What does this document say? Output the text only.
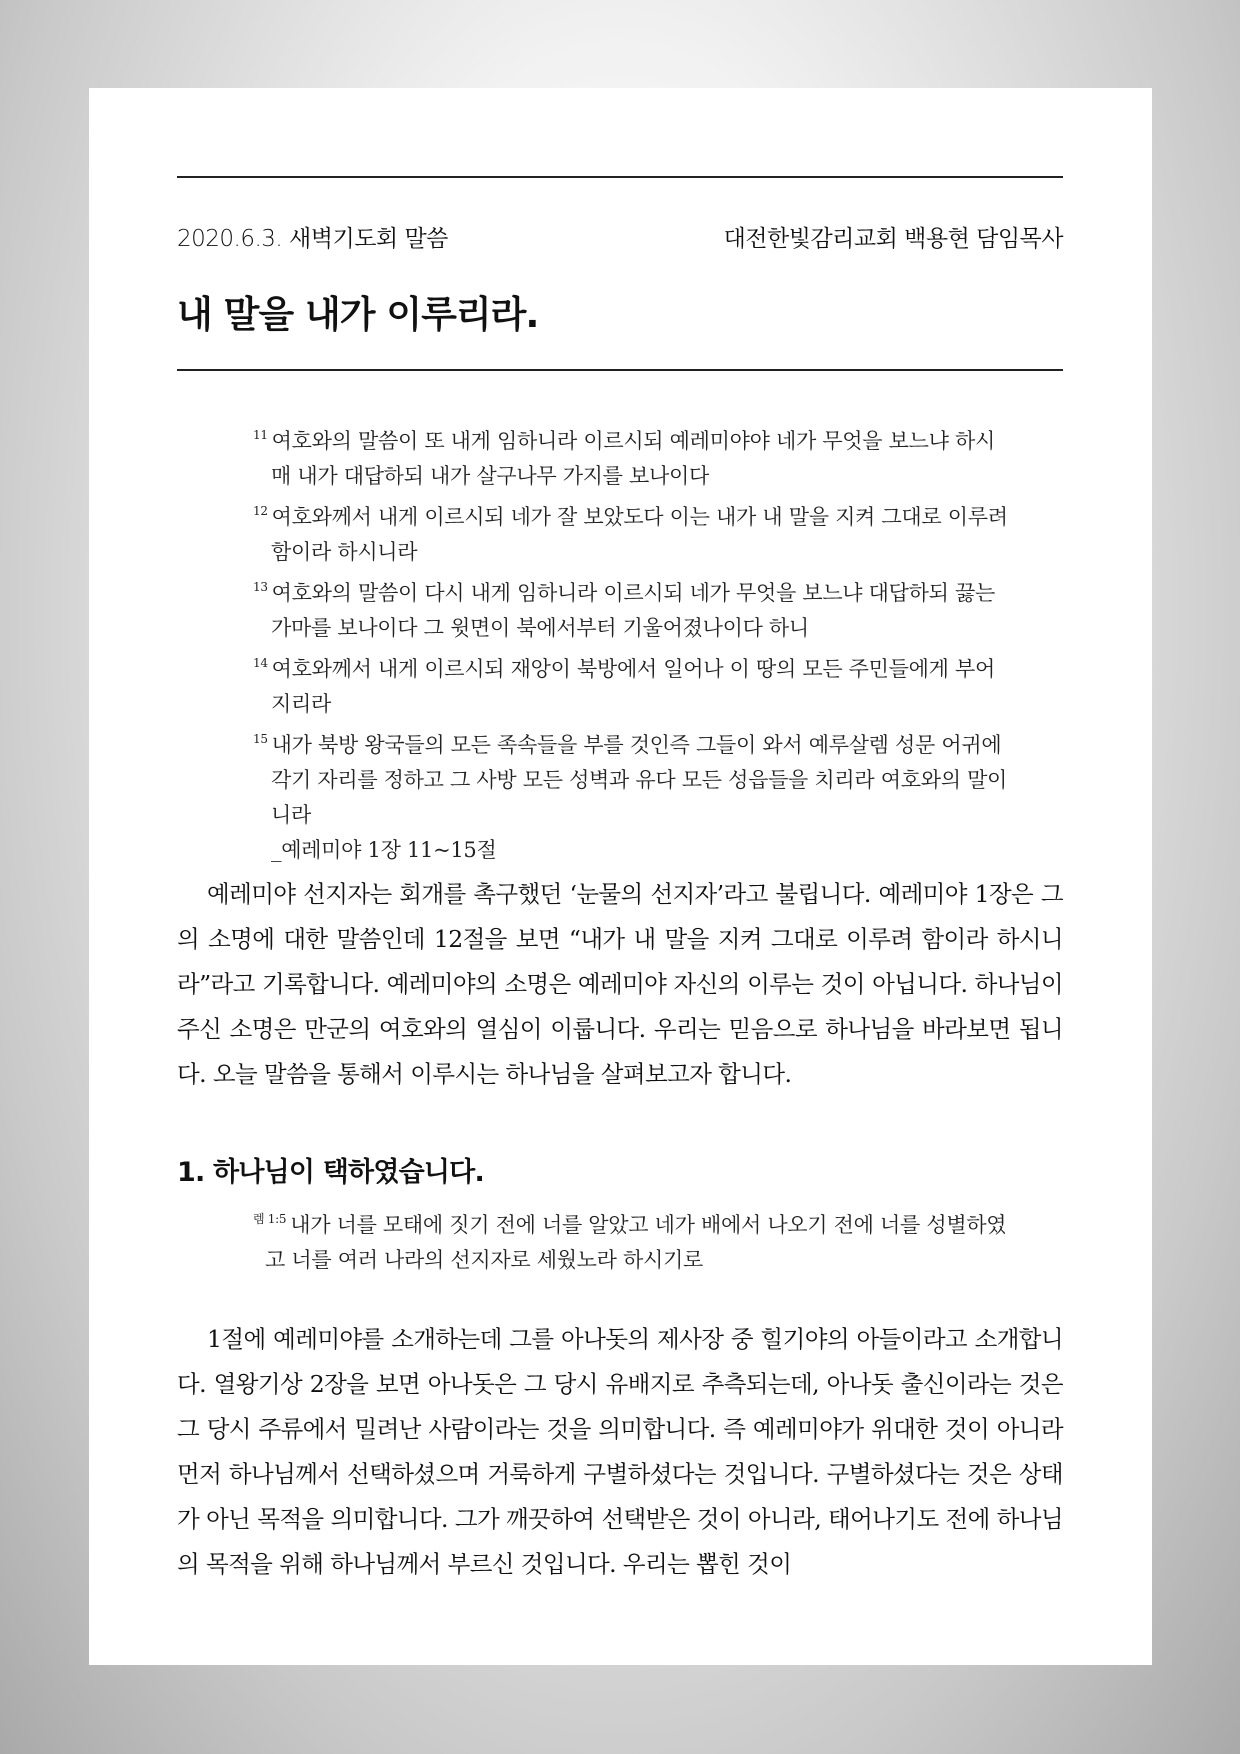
2020.6.3. 새벽기도회 말씀	대전한빛감리교회 백용현 담임목사
내 말을 내가 이루리라.

$^{11}$ 여호와의 말씀이 또 내게 임하니라 이르시되 예레미야야 네가 무엇을 보느냐 하시매 내가 대답하되 내가 살구나무 가지를 보나이다

$^{12}$ 여호와께서 내게 이르시되 네가 잘 보았도다 이는 내가 내 말을 지켜 그대로 이루려 함이라 하시니라

$^{13}$ 여호와의 말씀이 다시 내게 임하니라 이르시되 네가 무엇을 보느냐 대답하되 끓는 가마를 보나이다 그 윗면이 북에서부터 기울어졌나이다 하니

$^{14}$ 여호와께서 내게 이르시되 재앙이 북방에서 일어나 이 땅의 모든 주민들에게 부어지리라

$^{15}$ 내가 북방 왕국들의 모든 족속들을 부를 것인즉 그들이 와서 예루살렘 성문 어귀에 각기 자리를 정하고 그 사방 모든 성벽과 유다 모든 성읍들을 치리라 여호와의 말이니라

_예레미야 1장 11~15절

예레미야 선지자는 회개를 촉구했던 ‘눈물의 선지자’라고 불립니다. 예레미야 1장은 그의 소명에 대한 말씀인데 12절을 보면 “내가 내 말을 지켜 그대로 이루려 함이라 하시니라”라고 기록합니다. 예레미야의 소명은 예레미야 자신의 이루는 것이 아닙니다. 하나님이 주신 소명은 만군의 여호와의 열심이 이룹니다. 우리는 믿음으로 하나님을 바라보면 됩니다. 오늘 말씀을 통해서 이루시는 하나님을 살펴보고자 합니다.

1. 하나님이 택하였습니다.

$^{렘 1:5}$ 내가 너를 모태에 짓기 전에 너를 알았고 네가 배에서 나오기 전에 너를 성별하였고 너를 여러 나라의 선지자로 세웠노라 하시기로

1절에 예레미야를 소개하는데 그를 아나돗의 제사장 중 힐기야의 아들이라고 소개합니다. 열왕기상 2장을 보면 아나돗은 그 당시 유배지로 추측되는데, 아나돗 출신이라는 것은 그 당시 주류에서 밀려난 사람이라는 것을 의미합니다. 즉 예레미야가 위대한 것이 아니라 먼저 하나님께서 선택하셨으며 거룩하게 구별하셨다는 것입니다. 구별하셨다는 것은 상태가 아닌 목적을 의미합니다. 그가 깨끗하여 선택받은 것이 아니라, 태어나기도 전에 하나님의 목적을 위해 하나님께서 부르신 것입니다. 우리는 뽑힌 것이
